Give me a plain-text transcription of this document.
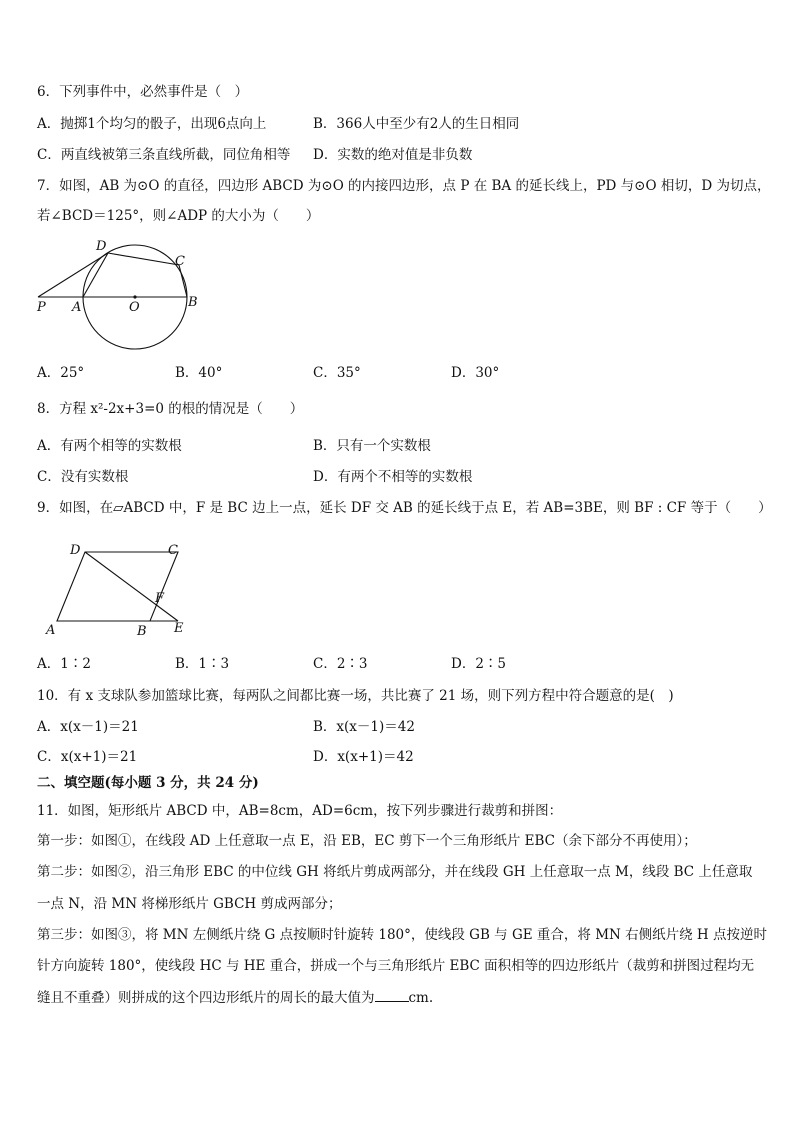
6．下列事件中，必然事件是（　）
A．抛掷1个均匀的骰子，出现6点向上	B．366人中至少有2人的生日相同
C．两直线被第三条直线所截，同位角相等 D．实数的绝对值是非负数
7．如图，AB 为⊙O 的直径，四边形 ABCD 为⊙O 的内接四边形，点 P 在 BA 的延长线上，PD 与⊙O 相切，D 为切点，
若∠BCD＝125°，则∠ADP 的大小为（　　）
D
C
P A	O	B
A．25°	B．40°	C．35°	D．30°
8．方程 x²-2x+3=0 的根的情况是（　　）
A．有两个相等的实数根	B．只有一个实数根
C．没有实数根	D．有两个不相等的实数根
9．如图，在▱ABCD 中，F 是 BC 边上一点，延长 DF 交 AB 的延长线于点 E，若 AB=3BE，则 BF : CF 等于（　　）
D	C
F
A	B E
A．1∶2	B．1∶3	C．2∶3	D．2∶5
10．有 x 支球队参加篮球比赛，每两队之间都比赛一场，共比赛了 21 场，则下列方程中符合题意的是(　)
A．x(x－1)＝21	B．x(x－1)＝42
C．x(x+1)＝21	D．x(x+1)＝42
二、填空题(每小题 3 分，共 24 分)
11．如图，矩形纸片 ABCD 中，AB=8cm，AD=6cm，按下列步骤进行裁剪和拼图：
第一步：如图①，在线段 AD 上任意取一点 E，沿 EB，EC 剪下一个三角形纸片 EBC（余下部分不再使用）；
第二步：如图②，沿三角形 EBC 的中位线 GH 将纸片剪成两部分，并在线段 GH 上任意取一点 M，线段 BC 上任意取
一点 N，沿 MN 将梯形纸片 GBCH 剪成两部分；
第三步：如图③，将 MN 左侧纸片绕 G 点按顺时针旋转 180°，使线段 GB 与 GE 重合，将 MN 右侧纸片绕 H 点按逆时
针方向旋转 180°，使线段 HC 与 HE 重合，拼成一个与三角形纸片 EBC 面积相等的四边形纸片（裁剪和拼图过程均无
缝且不重叠）则拼成的这个四边形纸片的周长的最大值为	cm.
